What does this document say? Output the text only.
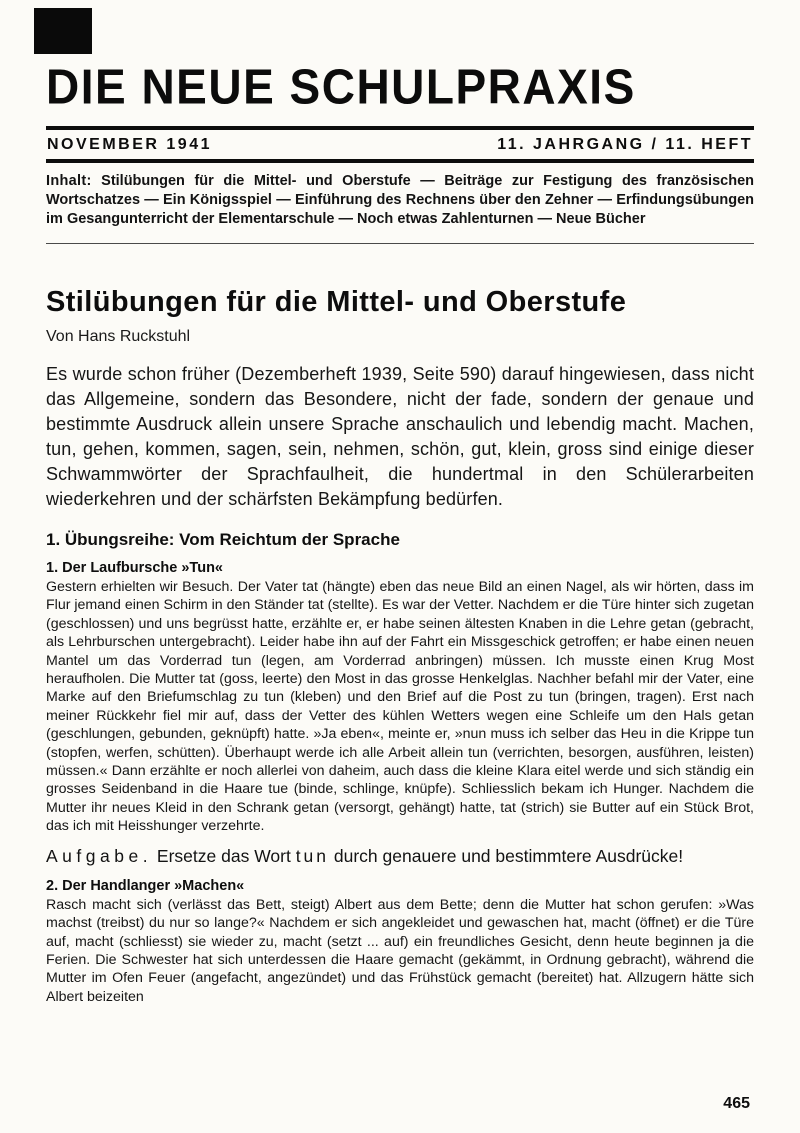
DIE NEUE SCHULPRAXIS
NOVEMBER 1941	11. JAHRGANG / 11. HEFT

Inhalt: Stilübungen für die Mittel- und Oberstufe — Beiträge zur Festigung des französischen Wortschatzes — Ein Königsspiel — Einführung des Rechnens über den Zehner — Erfindungsübungen im Gesangunterricht der Elementarschule — Noch etwas Zahlenturnen — Neue Bücher

Stilübungen für die Mittel- und Oberstufe

Von Hans Ruckstuhl

Es wurde schon früher (Dezemberheft 1939, Seite 590) darauf hingewiesen, dass nicht das Allgemeine, sondern das Besondere, nicht der fade, sondern der genaue und bestimmte Ausdruck allein unsere Sprache anschaulich und lebendig macht. Machen, tun, gehen, kommen, sagen, sein, nehmen, schön, gut, klein, gross sind einige dieser Schwammwörter der Sprachfaulheit, die hundertmal in den Schülerarbeiten wiederkehren und der schärfsten Bekämpfung bedürfen.

1. Übungsreihe: Vom Reichtum der Sprache
1. Der Laufbursche »Tun«

Gestern erhielten wir Besuch. Der Vater tat (hängte) eben das neue Bild an einen Nagel, als wir hörten, dass im Flur jemand einen Schirm in den Ständer tat (stellte). Es war der Vetter. Nachdem er die Türe hinter sich zugetan (geschlossen) und uns begrüsst hatte, erzählte er, er habe seinen ältesten Knaben in die Lehre getan (gebracht, als Lehrburschen untergebracht). Leider habe ihn auf der Fahrt ein Missgeschick getroffen; er habe einen neuen Mantel um das Vorderrad tun (legen, am Vorderrad anbringen) müssen. Ich musste einen Krug Most heraufholen. Die Mutter tat (goss, leerte) den Most in das grosse Henkelglas. Nachher befahl mir der Vater, eine Marke auf den Briefumschlag zu tun (kleben) und den Brief auf die Post zu tun (bringen, tragen). Erst nach meiner Rückkehr fiel mir auf, dass der Vetter des kühlen Wetters wegen eine Schleife um den Hals getan (geschlungen, gebunden, geknüpft) hatte. »Ja eben«, meinte er, »nun muss ich selber das Heu in die Krippe tun (stopfen, werfen, schütten). Überhaupt werde ich alle Arbeit allein tun (verrichten, besorgen, ausführen, leisten) müssen.« Dann erzählte er noch allerlei von daheim, auch dass die kleine Klara eitel werde und sich ständig ein grosses Seidenband in die Haare tue (binde, schlinge, knüpfe). Schliesslich bekam ich Hunger. Nachdem die Mutter ihr neues Kleid in den Schrank getan (versorgt, gehängt) hatte, tat (strich) sie Butter auf ein Stück Brot, das ich mit Heisshunger verzehrte.

Aufgabe. Ersetze das Wort tun durch genauere und bestimmtere Ausdrücke!

2. Der Handlanger »Machen«

Rasch macht sich (verlässt das Bett, steigt) Albert aus dem Bette; denn die Mutter hat schon gerufen: »Was machst (treibst) du nur so lange?« Nachdem er sich angekleidet und gewaschen hat, macht (öffnet) er die Türe auf, macht (schliesst) sie wieder zu, macht (setzt ... auf) ein freundliches Gesicht, denn heute beginnen ja die Ferien. Die Schwester hat sich unterdessen die Haare gemacht (gekämmt, in Ordnung gebracht), während die Mutter im Ofen Feuer (angefacht, angezündet) und das Frühstück gemacht (bereitet) hat. Allzugern hätte sich Albert beizeiten

465
